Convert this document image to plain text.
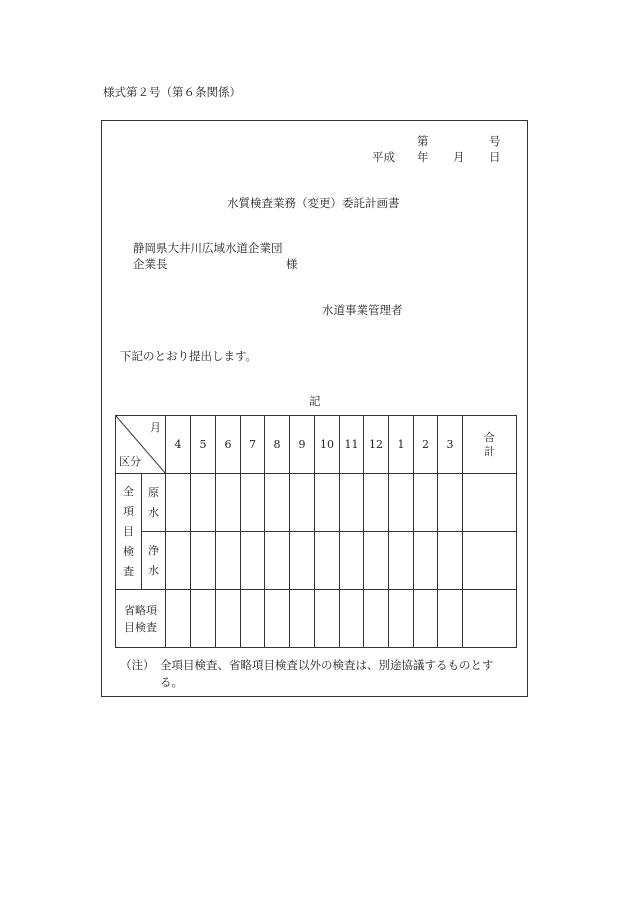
様式第２号（第６条関係）
第	号
平成 年 月 日
水質検査業務（変更）委託計画書
静岡県大井川広域水道企業団
企業長	様
水道事業管理者
下記のとおり提出します。
記
月
区分		4	5	6	7	8	9	10	11	12	1	2	3	合計
全項目検査	原水													
	浄水													
省略項目検査														
（注） 全項目検査、省略項目検査以外の検査は、別途協議するものとする。
